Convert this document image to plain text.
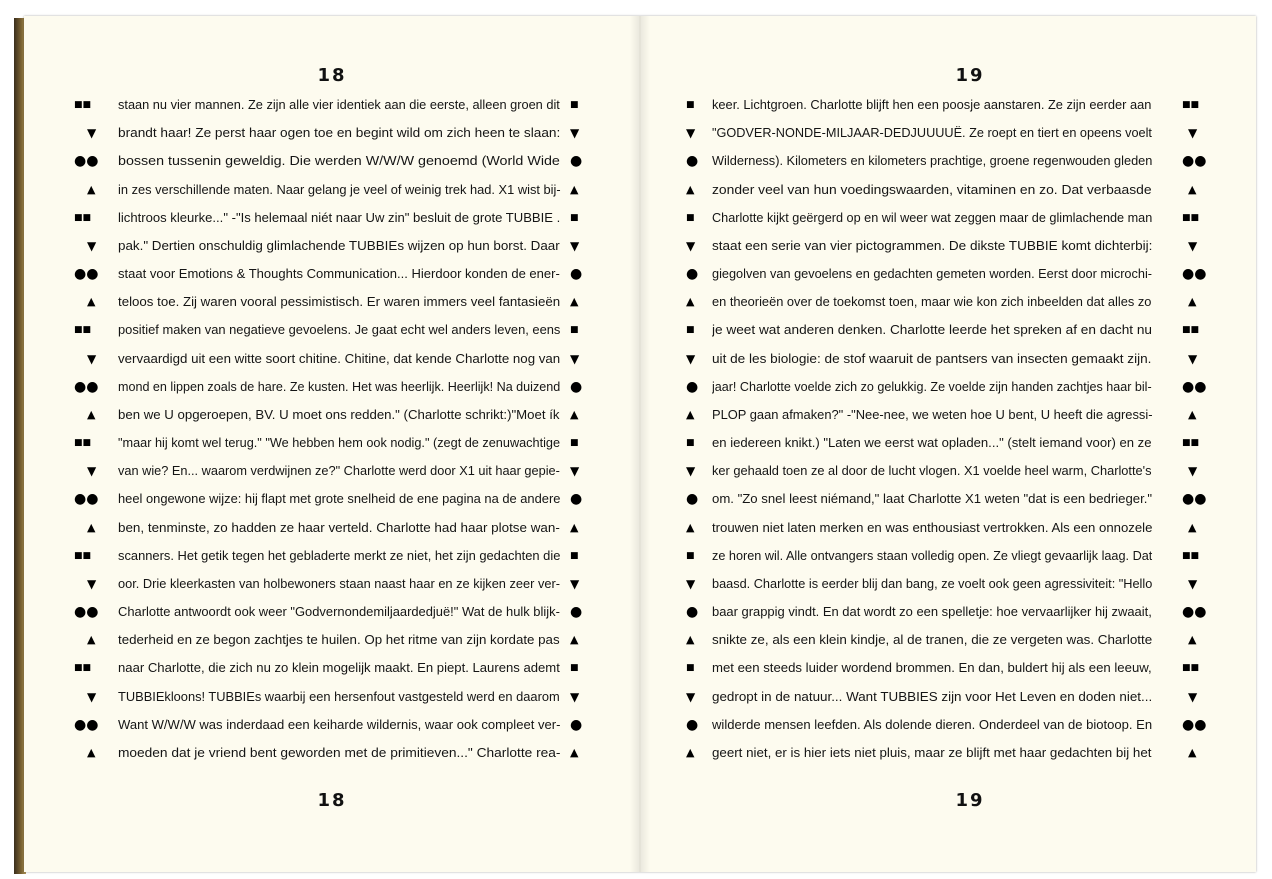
18
■■ staan nu vier mannen. Ze zijn alle vier identiek aan die eerste, alleen groen dit ■
▼ brandt haar! Ze perst haar ogen toe en begint wild om zich heen te slaan: ▼
●● bossen tussenin geweldig. Die werden W/W/W genoemd (World Wide ●
▲ in zes verschillende maten. Naar gelang je veel of weinig trek had. X1 wist bij- ▲
■■ lichtroos kleurke..." -"Is helemaal niét naar Uw zin" besluit de grote TUBBIE . ■
▼ pak." Dertien onschuldig glimlachende TUBBIEs wijzen op hun borst. Daar ▼
●● staat voor Emotions & Thoughts Communication... Hierdoor konden de ener- ●
▲ teloos toe. Zij waren vooral pessimistisch. Er waren immers veel fantasieën ▲
■■ positief maken van negatieve gevoelens. Je gaat echt wel anders leven, eens ■
▼ vervaardigd uit een witte soort chitine. Chitine, dat kende Charlotte nog van ▼
●● mond en lippen zoals de hare. Ze kusten. Het was heerlijk. Heerlijk! Na duizend ●
▲ ben we U opgeroepen, BV. U moet ons redden." (Charlotte schrikt:)"Moet ík ▲
■■ "maar hij komt wel terug." "We hebben hem ook nodig." (zegt de zenuwachtige ■
▼ van wie? En... waarom verdwijnen ze?" Charlotte werd door X1 uit haar gepie- ▼
●● heel ongewone wijze: hij flapt met grote snelheid de ene pagina na de andere ●
▲ ben, tenminste, zo hadden ze haar verteld. Charlotte had haar plotse wan- ▲
■■ scanners. Het getik tegen het gebladerte merkt ze niet, het zijn gedachten die ■
▼ oor. Drie kleerkasten van holbewoners staan naast haar en ze kijken zeer ver- ▼
●● Charlotte antwoordt ook weer "Godvernondemiljaardedjuë!" Wat de hulk blijk- ●
▲ tederheid en ze begon zachtjes te huilen. Op het ritme van zijn kordate pas ▲
■■ naar Charlotte, die zich nu zo klein mogelijk maakt. En piept. Laurens ademt ■
▼ TUBBIEkloons! TUBBIEs waarbij een hersenfout vastgesteld werd en daarom ▼
●● Want W/W/W was inderdaad een keiharde wildernis, waar ook compleet ver- ●
▲ moeden dat je vriend bent geworden met de primitieven..." Charlotte rea- ▲
18
19
■ keer. Lichtgroen. Charlotte blijft hen een poosje aanstaren. Ze zijn eerder aan	■■
▼ "GODVER-NONDE-MILJAAR-DEDJUUUUË. Ze roept en tiert en opeens voelt	▼
● Wilderness). Kilometers en kilometers prachtige, groene regenwouden gleden ●●
▲ zonder veel van hun voedingswaarden, vitaminen en zo. Dat verbaasde	▲
■ Charlotte kijkt geërgerd op en wil weer wat zeggen maar de glimlachende man	■■
▼ staat een serie van vier pictogrammen. De dikste TUBBIE komt dichterbij:	▼
● giegolven van gevoelens en gedachten gemeten worden. Eerst door microchi- ●●
▲ en theorieën over de toekomst toen, maar wie kon zich inbeelden dat alles zo	▲
■ je weet wat anderen denken. Charlotte leerde het spreken af en dacht nu	■■
▼ uit de les biologie: de stof waaruit de pantsers van insecten gemaakt zijn.	▼
● jaar! Charlotte voelde zich zo gelukkig. Ze voelde zijn handen zachtjes haar bil- ●●
▲ PLOP gaan afmaken?" -"Nee-nee, we weten hoe U bent, U heeft die agressi-	▲
■ en iedereen knikt.) "Laten we eerst wat opladen..." (stelt iemand voor) en ze	■■
▼ ker gehaald toen ze al door de lucht vlogen. X1 voelde heel warm, Charlotte's	▼
● om. "Zo snel leest niémand," laat Charlotte X1 weten "dat is een bedrieger." ●●
▲ trouwen niet laten merken en was enthousiast vertrokken. Als een onnozele	▲
■ ze horen wil. Alle ontvangers staan volledig open. Ze vliegt gevaarlijk laag. Dat	■■
▼ baasd. Charlotte is eerder blij dan bang, ze voelt ook geen agressiviteit: "Hello	▼
● baar grappig vindt. En dat wordt zo een spelletje: hoe vervaarlijker hij zwaait, ●●
▲ snikte ze, als een klein kindje, al de tranen, die ze vergeten was. Charlotte	▲
■ met een steeds luider wordend brommen. En dan, buldert hij als een leeuw,	■■
▼ gedropt in de natuur... Want TUBBIES zijn voor Het Leven en doden niet...	▼
● wilderde mensen leefden. Als dolende dieren. Onderdeel van de biotoop. En ●●
▲ geert niet, er is hier iets niet pluis, maar ze blijft met haar gedachten bij het	▲
19
